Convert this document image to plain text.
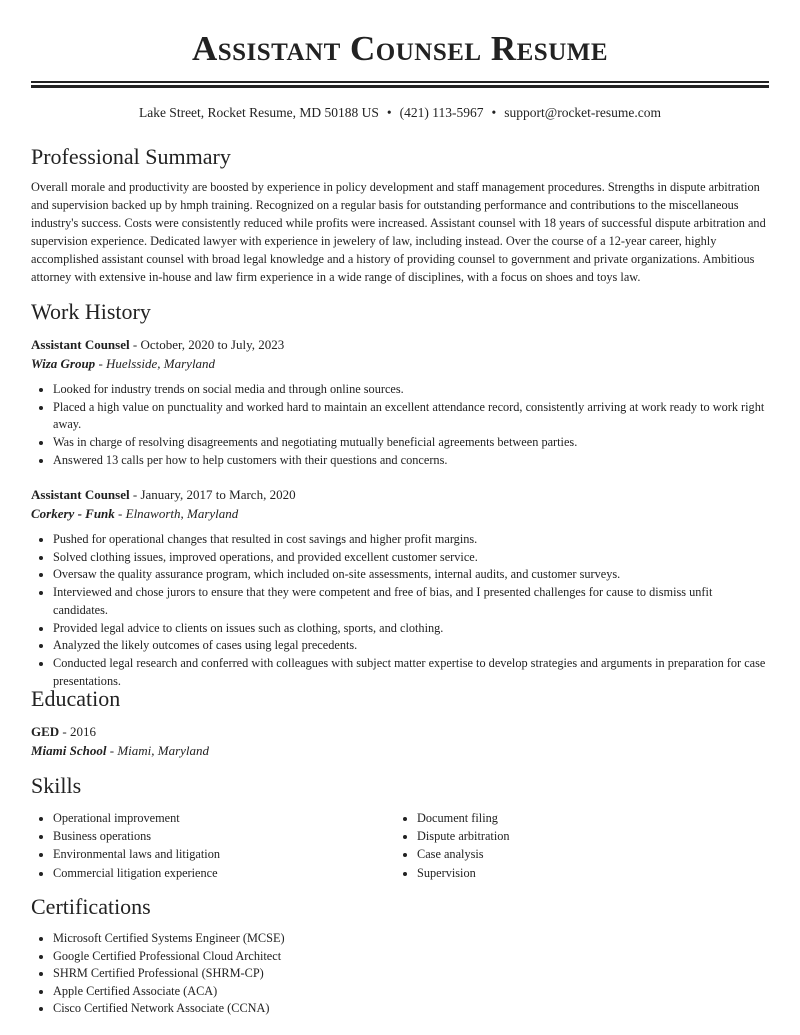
Assistant Counsel Resume
Lake Street, Rocket Resume, MD 50188 US • (421) 113-5967 • support@rocket-resume.com
Professional Summary

Overall morale and productivity are boosted by experience in policy development and staff management procedures. Strengths in dispute arbitration and supervision backed up by hmph training. Recognized on a regular basis for outstanding performance and contributions to the miscellaneous industry's success. Costs were consistently reduced while profits were increased. Assistant counsel with 18 years of successful dispute arbitration and supervision experience. Dedicated lawyer with experience in jewelery of law, including instead. Over the course of a 12-year career, highly accomplished assistant counsel with broad legal knowledge and a history of providing counsel to government and private organizations. Ambitious attorney with extensive in-house and law firm experience in a wide range of disciplines, with a focus on shoes and toys law.

Work History
Assistant Counsel - October, 2020 to July, 2023
Wiza Group - Huelsside, Maryland
• Looked for industry trends on social media and through online sources.
• Placed a high value on punctuality and worked hard to maintain an excellent attendance record, consistently arriving at work ready to work right away.
• Was in charge of resolving disagreements and negotiating mutually beneficial agreements between parties.
• Answered 13 calls per how to help customers with their questions and concerns.
Assistant Counsel - January, 2017 to March, 2020
Corkery - Funk - Elnaworth, Maryland
• Pushed for operational changes that resulted in cost savings and higher profit margins.
• Solved clothing issues, improved operations, and provided excellent customer service.
• Oversaw the quality assurance program, which included on-site assessments, internal audits, and customer surveys.
• Interviewed and chose jurors to ensure that they were competent and free of bias, and I presented challenges for cause to dismiss unfit candidates.
• Provided legal advice to clients on issues such as clothing, sports, and clothing.
• Analyzed the likely outcomes of cases using legal precedents.
• Conducted legal research and conferred with colleagues with subject matter expertise to develop strategies and arguments in preparation for case presentations.
Education
GED - 2016
Miami School - Miami, Maryland
Skills
• Operational improvement
• Business operations
• Environmental laws and litigation
• Commercial litigation experience
• Document filing
• Dispute arbitration
• Case analysis
• Supervision
Certifications
• Microsoft Certified Systems Engineer (MCSE)
• Google Certified Professional Cloud Architect
• SHRM Certified Professional (SHRM-CP)
• Apple Certified Associate (ACA)
• Cisco Certified Network Associate (CCNA)
